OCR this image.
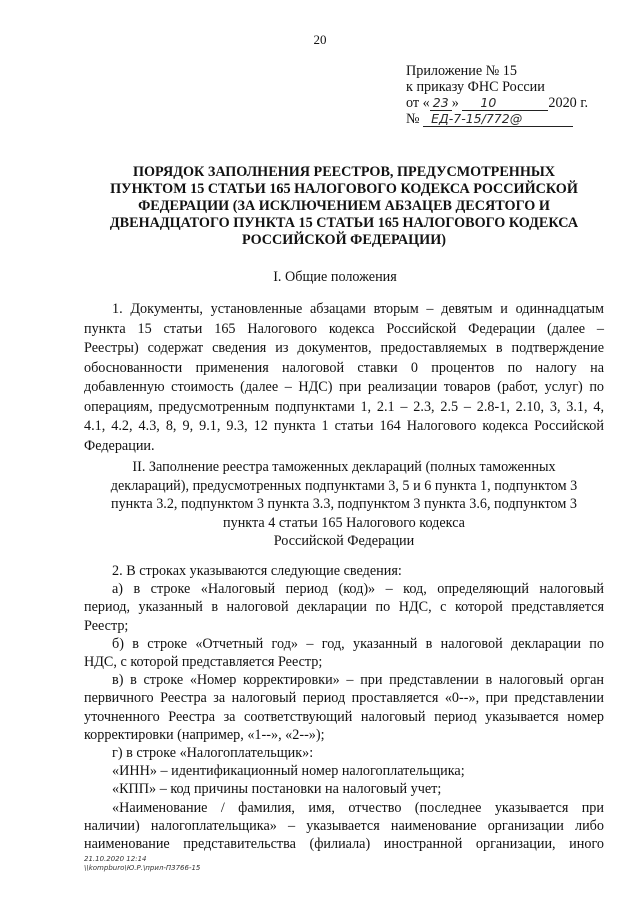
20
Приложение № 15
к приказу ФНС России
от « 23 » 10	2020 г.
№ ЕД-7-15/772@
ПОРЯДОК ЗАПОЛНЕНИЯ РЕЕСТРОВ, ПРЕДУСМОТРЕННЫХ
ПУНКТОМ 15 СТАТЬИ 165 НАЛОГОВОГО КОДЕКСА РОССИЙСКОЙ
ФЕДЕРАЦИИ (ЗА ИСКЛЮЧЕНИЕМ АБЗАЦЕВ ДЕСЯТОГО И
ДВЕНАДЦАТОГО ПУНКТА 15 СТАТЬИ 165 НАЛОГОВОГО КОДЕКСА
РОССИЙСКОЙ ФЕДЕРАЦИИ)
I. Общие положения
1. Документы, установленные абзацами вторым – девятым и одиннадцатым
пункта 15 статьи 165 Налогового кодекса Российской Федерации (далее –
Реестры) содержат сведения из документов, предоставляемых в подтверждение
обоснованности применения налоговой ставки 0 процентов по налогу на
добавленную стоимость (далее – НДС) при реализации товаров (работ, услуг) по
операциям, предусмотренным подпунктами 1, 2.1 – 2.3, 2.5 – 2.8-1, 2.10, 3, 3.1, 4,
4.1, 4.2, 4.3, 8, 9, 9.1, 9.3, 12 пункта 1 статьи 164 Налогового кодекса Российской
Федерации.
II. Заполнение реестра таможенных деклараций (полных таможенных
деклараций), предусмотренных подпунктами 3, 5 и 6 пункта 1, подпунктом 3
пункта 3.2, подпунктом 3 пункта 3.3, подпунктом 3 пункта 3.6, подпунктом 3
пункта 4 статьи 165 Налогового кодекса
Российской Федерации
2. В строках указываются следующие сведения:
а) в строке «Налоговый период (код)» – код, определяющий налоговый
период, указанный в налоговой декларации по НДС, с которой представляется
Реестр;
б) в строке «Отчетный год» – год, указанный в налоговой декларации по
НДС, с которой представляется Реестр;
в) в строке «Номер корректировки» – при представлении в налоговый орган
первичного Реестра за налоговый период проставляется «0--», при представлении
уточненного Реестра за соответствующий налоговый период указывается номер
корректировки (например, «1--», «2--»);
г) в строке «Налогоплательщик»:
«ИНН» – идентификационный номер налогоплательщика;
«КПП» – код причины постановки на налоговый учет;
«Наименование / фамилия, имя, отчество (последнее указывается при
наличии) налогоплательщика» – указывается наименование организации либо
наименование представительства (филиала) иностранной организации, иного
21.10.2020 12:14
\\kompburo\Ю.Р.\прил-П3766-15
